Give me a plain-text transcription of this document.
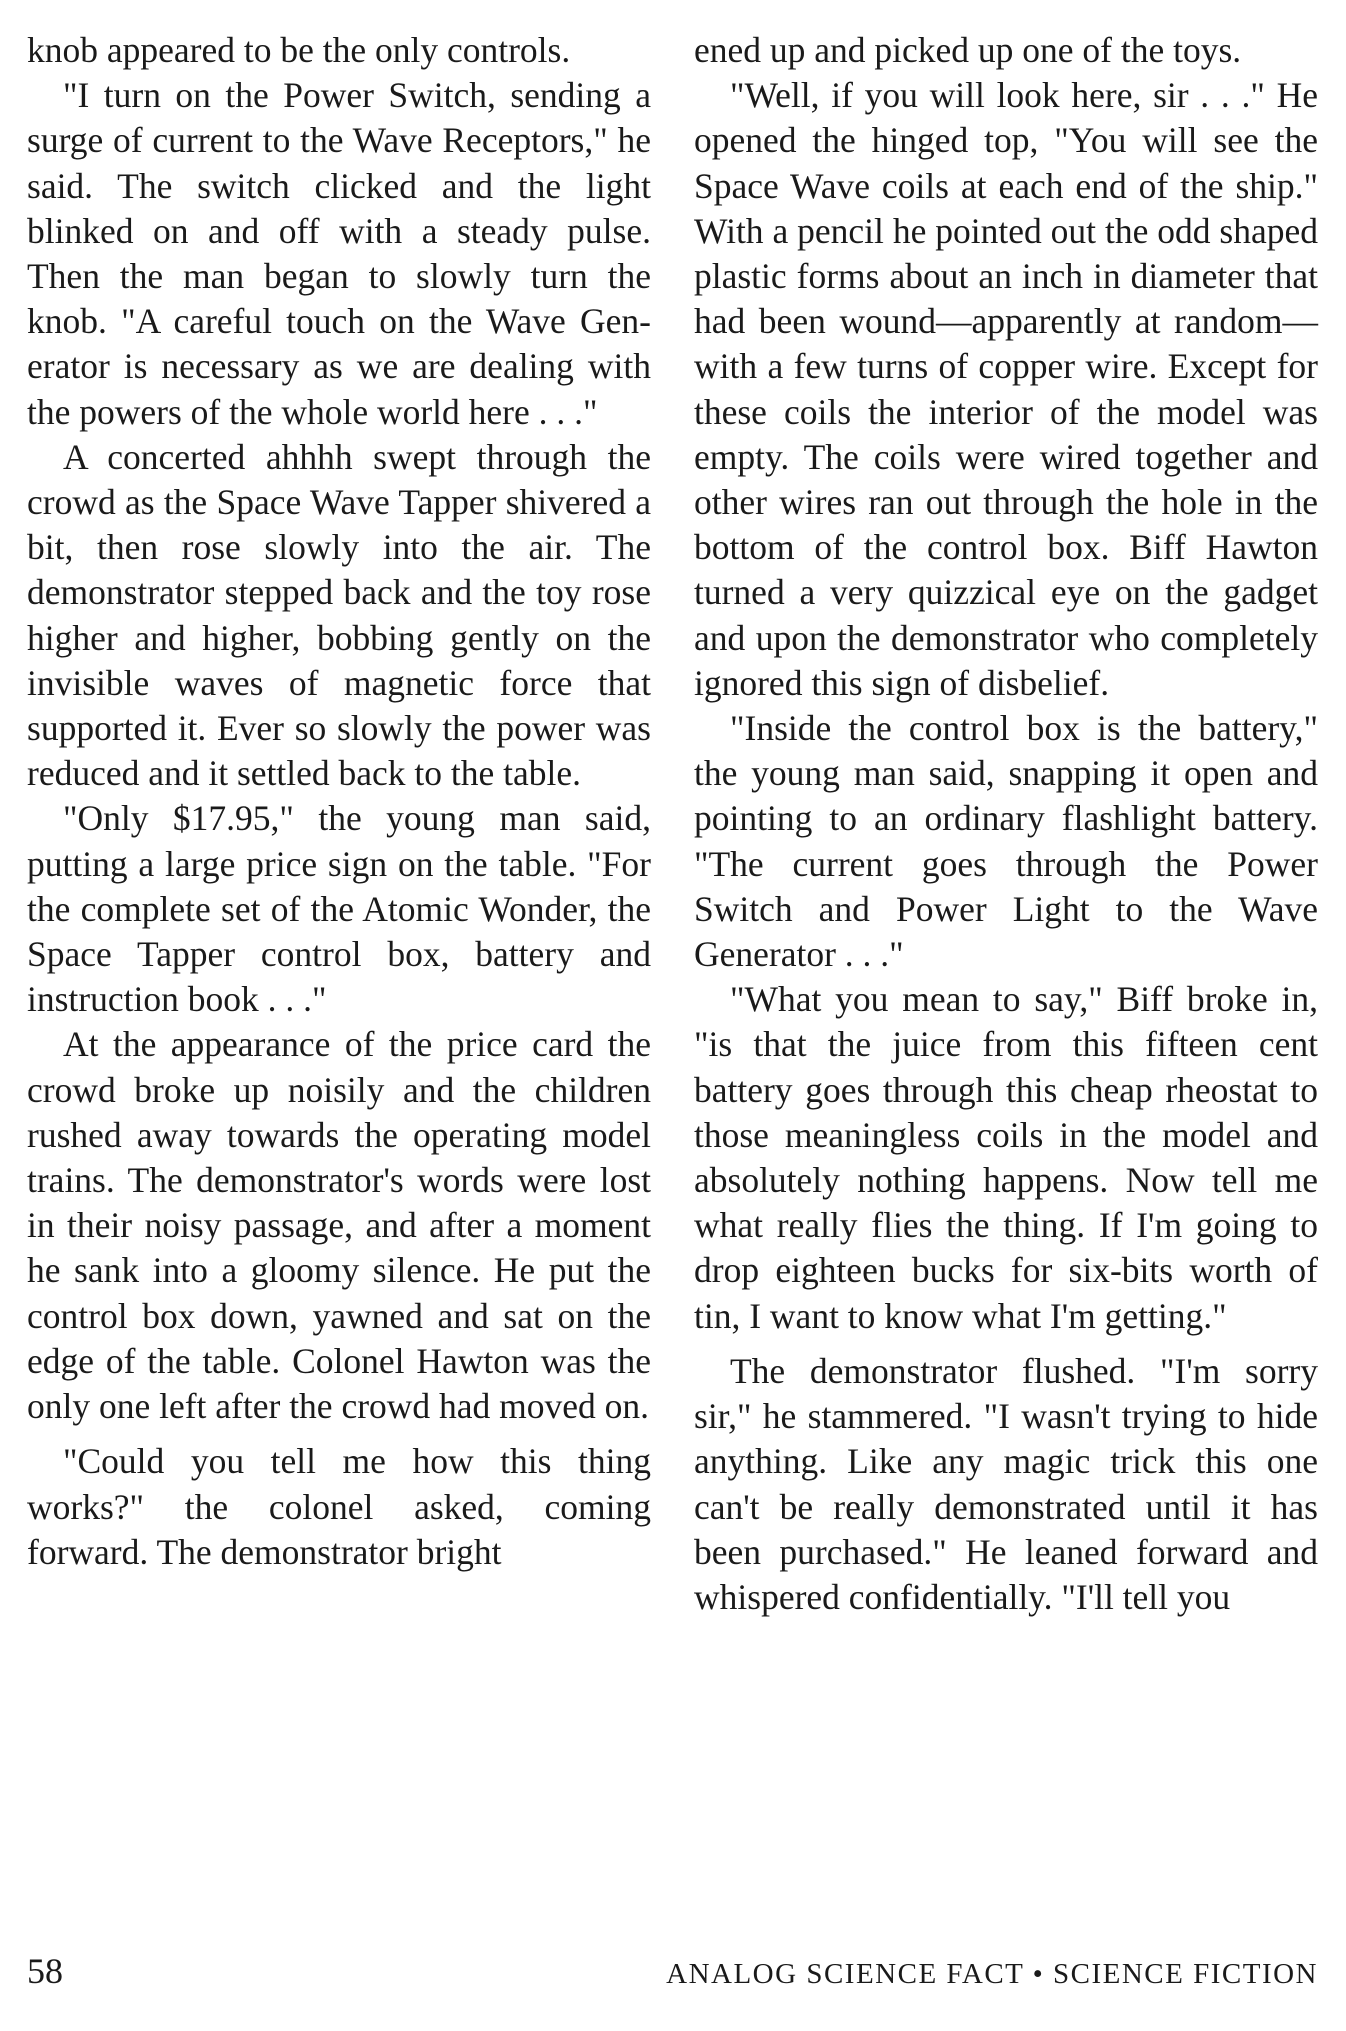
knob appeared to be the only controls.

"I turn on the Power Switch, sending a surge of current to the Wave Receptors," he said. The switch clicked and the light blinked on and off with a steady pulse. Then the man began to slowly turn the knob. "A careful touch on the Wave Generator is necessary as we are dealing with the powers of the whole world here . . ."

A concerted ahhhh swept through the crowd as the Space Wave Tapper shivered a bit, then rose slowly into the air. The demonstrator stepped back and the toy rose higher and higher, bobbing gently on the invisible waves of magnetic force that supported it. Ever so slowly the power was reduced and it settled back to the table.

"Only $17.95," the young man said, putting a large price sign on the table. "For the complete set of the Atomic Wonder, the Space Tapper control box, battery and instruction book . . ."

At the appearance of the price card the crowd broke up noisily and the children rushed away towards the operating model trains. The demonstrator's words were lost in their noisy passage, and after a moment he sank into a gloomy silence. He put the control box down, yawned and sat on the edge of the table. Colonel Hawton was the only one left after the crowd had moved on.

"Could you tell me how this thing works?" the colonel asked, coming forward. The demonstrator bright

ened up and picked up one of the toys.

"Well, if you will look here, sir . . ." He opened the hinged top, "You will see the Space Wave coils at each end of the ship." With a pencil he pointed out the odd shaped plastic forms about an inch in diameter that had been wound—apparently at random—with a few turns of copper wire. Except for these coils the interior of the model was empty. The coils were wired together and other wires ran out through the hole in the bottom of the control box. Biff Hawton turned a very quizzical eye on the gadget and upon the demonstrator who completely ignored this sign of disbelief.

"Inside the control box is the battery," the young man said, snapping it open and pointing to an ordinary flashlight battery. "The current goes through the Power Switch and Power Light to the Wave Generator . . ."

"What you mean to say," Biff broke in, "is that the juice from this fifteen cent battery goes through this cheap rheostat to those meaningless coils in the model and absolutely nothing happens. Now tell me what really flies the thing. If I'm going to drop eighteen bucks for six-bits worth of tin, I want to know what I'm getting."

The demonstrator flushed. "I'm sorry sir," he stammered. "I wasn't trying to hide anything. Like any magic trick this one can't be really demonstrated until it has been purchased." He leaned forward and whispered confidentially. "I'll tell you

58	ANALOG SCIENCE FACT • SCIENCE FICTION
